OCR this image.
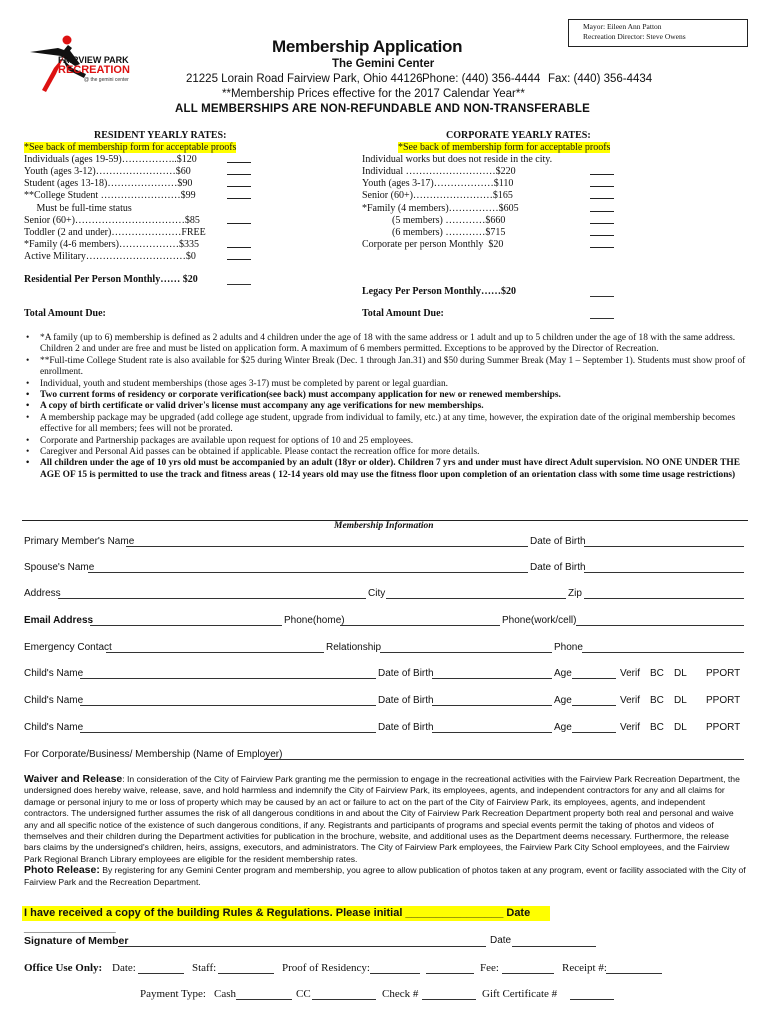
Mayor: Eileen Ann Patton
Recreation Director: Steve Owens
FAIRVIEW PARK
RECREATION
@ the gemini center
Membership Application
The Gemini Center
21225 Lorain Road Fairview Park, Ohio 44126 Phone: (440) 356-4444 Fax: (440) 356-4434
**Membership Prices effective for the 2017 Calendar Year**
ALL MEMBERSHIPS ARE NON-REFUNDABLE AND NON-TRANSFERABLE
RESIDENT YEARLY RATES:
*See back of membership form for acceptable proofs
Individuals (ages 19-59)……………..$120
Youth (ages 3-12)……………………$60
Student (ages 13-18)…………………$90
**College Student ……………………$99
Must be full-time status
Senior (60+)……………………………$85
Toddler (2 and under)…………………FREE
*Family (4-6 members)………………$335
Active Military…………………………$0
Residential Per Person Monthly…… $20
Total Amount Due:
CORPORATE YEARLY RATES:
*See back of membership form for acceptable proofs
Individual works but does not reside in the city.
Individual ………………………$220
Youth (ages 3-17)………………$110
Senior (60+)……………………$165
*Family (4 members)……………$605
(5 members) …………$660
(6 members) …………$715
Corporate per person Monthly  $20
Legacy Per Person Monthly……$20
Total Amount Due:
• *A family (up to 6) membership is defined as 2 adults and 4 children under the age of 18 with the same address or 1 adult and up to 5 children under the age of 18 with the same address. Children 2 and under are free and must be listed on application form. A maximum of 6 members permitted. Exceptions to be approved by the Director of Recreation.
• **Full-time College Student rate is also available for $25 during Winter Break (Dec. 1 through Jan.31) and $50 during Summer Break (May 1 – September 1). Students must show proof of enrollment.
• Individual, youth and student memberships (those ages 3-17) must be completed by parent or legal guardian.
• Two current forms of residency or corporate verification(see back) must accompany application for new or renewed memberships.
• A copy of birth certificate or valid driver's license must accompany any age verifications for new memberships.
• A membership package may be upgraded (add college age student, upgrade from individual to family, etc.) at any time, however, the expiration date of the original membership becomes effective for all members; fees will not be prorated.
• Corporate and Partnership packages are available upon request for options of 10 and 25 employees.
• Caregiver and Personal Aid passes can be obtained if applicable. Please contact the recreation office for more details.
• All children under the age of 10 yrs old must be accompanied by an adult (18yr or older). Children 7 yrs and under must have direct Adult supervision. NO ONE UNDER THE AGE OF 15 is permitted to use the track and fitness areas ( 12-14 years old may use the fitness floor upon completion of an orientation class with some time usage restrictions)
Membership Information
Primary Member's Name	Date of Birth
Spouse's Name	Date of Birth
Address	City	Zip
Email Address	Phone(home)	Phone(work/cell)
Emergency Contact	Relationship	Phone
Child's Name	Date of Birth	Age	Verif BC DL PPORT
Child's Name	Date of Birth	Age	Verif BC DL PPORT
Child's Name	Date of Birth	Age	Verif BC DL PPORT
For Corporate/Business/ Membership (Name of Employer)
Waiver and Release: In consideration of the City of Fairview Park granting me the permission to engage in the recreational activities with the Fairview Park Recreation Department, the undersigned does hereby waive, release, save, and hold harmless and indemnify the City of Fairview Park, its employees, agents, and independent contractors for any and all claims for damage or personal injury to me or loss of property which may be caused by an act or failure to act on the part of the City of Fairview Park, its employees, agents, and independent contractors. The undersigned further assumes the risk of all dangerous conditions in and about the City of Fairview Park Recreation Department property both real and personal and waive any and all specific notice of the existence of such dangerous conditions, if any. Registrants and participants of programs and special events permit the taking of photos and videos of themselves and their children during the Department activities for publication in the brochure, website, and additional uses as the Department deems necessary. Furthermore, the release bars claims by the undersigned's children, heirs, assigns, executors, and administrators. The City of Fairview Park employees, the Fairview Park City School employees, and the Fairview Park Regional Branch Library employees are eligible for the resident membership rates.
Photo Release: By registering for any Gemini Center program and membership, you agree to allow publication of photos taken at any program, event or facility associated with the City of Fairview Park and the Recreation Department.
I have received a copy of the building Rules & Regulations. Please initial ________________ Date _______________
Signature of Member	Date
Office Use Only: Date:	Staff:	Proof of Residency:	Fee:	Receipt #:
Payment Type: Cash	CC	Check #	Gift Certificate #
